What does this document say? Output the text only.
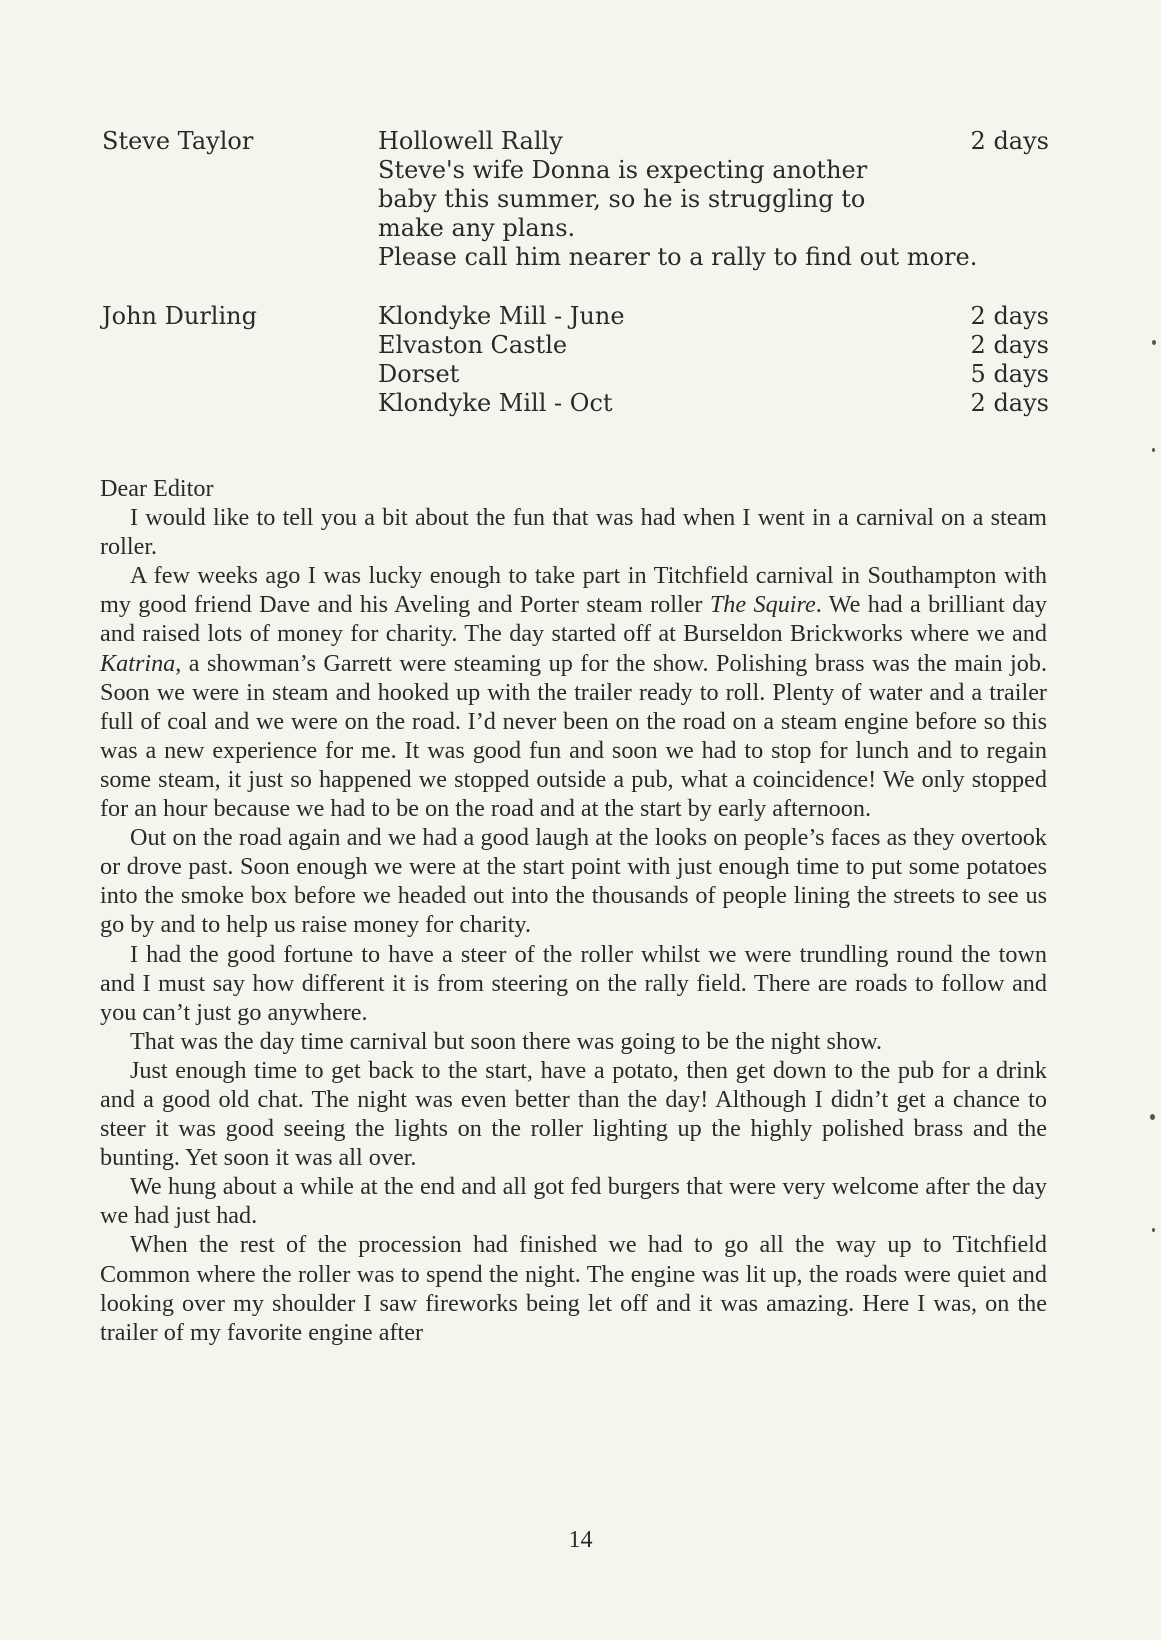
Steve Taylor	Hollowell Rally	2 days
Steve's wife Donna is expecting another
baby this summer, so he is struggling to
make any plans.
Please call him nearer to a rally to find out more.
John Durling	Klondyke Mill - June	2 days
Elvaston Castle	2 days
Dorset	5 days
Klondyke Mill - Oct	2 days

Dear Editor

I would like to tell you a bit about the fun that was had when I went in a carnival on a steam roller.

A few weeks ago I was lucky enough to take part in Titchfield carnival in Southampton with my good friend Dave and his Aveling and Porter steam roller The Squire. We had a brilliant day and raised lots of money for charity. The day started off at Burseldon Brickworks where we and Katrina, a showman’s Garrett were steaming up for the show. Polishing brass was the main job. Soon we were in steam and hooked up with the trailer ready to roll. Plenty of water and a trailer full of coal and we were on the road. I’d never been on the road on a steam engine before so this was a new experience for me. It was good fun and soon we had to stop for lunch and to regain some steam, it just so happened we stopped outside a pub, what a coincidence! We only stopped for an hour because we had to be on the road and at the start by early afternoon.

Out on the road again and we had a good laugh at the looks on people’s faces as they overtook or drove past. Soon enough we were at the start point with just enough time to put some potatoes into the smoke box before we headed out into the thousands of people lining the streets to see us go by and to help us raise money for charity.

I had the good fortune to have a steer of the roller whilst we were trundling round the town and I must say how different it is from steering on the rally field. There are roads to follow and you can’t just go anywhere.

That was the day time carnival but soon there was going to be the night show.

Just enough time to get back to the start, have a potato, then get down to the pub for a drink and a good old chat. The night was even better than the day! Although I didn’t get a chance to steer it was good seeing the lights on the roller lighting up the highly polished brass and the bunting. Yet soon it was all over.

We hung about a while at the end and all got fed burgers that were very welcome after the day we had just had.

When the rest of the procession had finished we had to go all the way up to Titchfield Common where the roller was to spend the night. The engine was lit up, the roads were quiet and looking over my shoulder I saw fireworks being let off and it was amazing. Here I was, on the trailer of my favorite engine after

14
